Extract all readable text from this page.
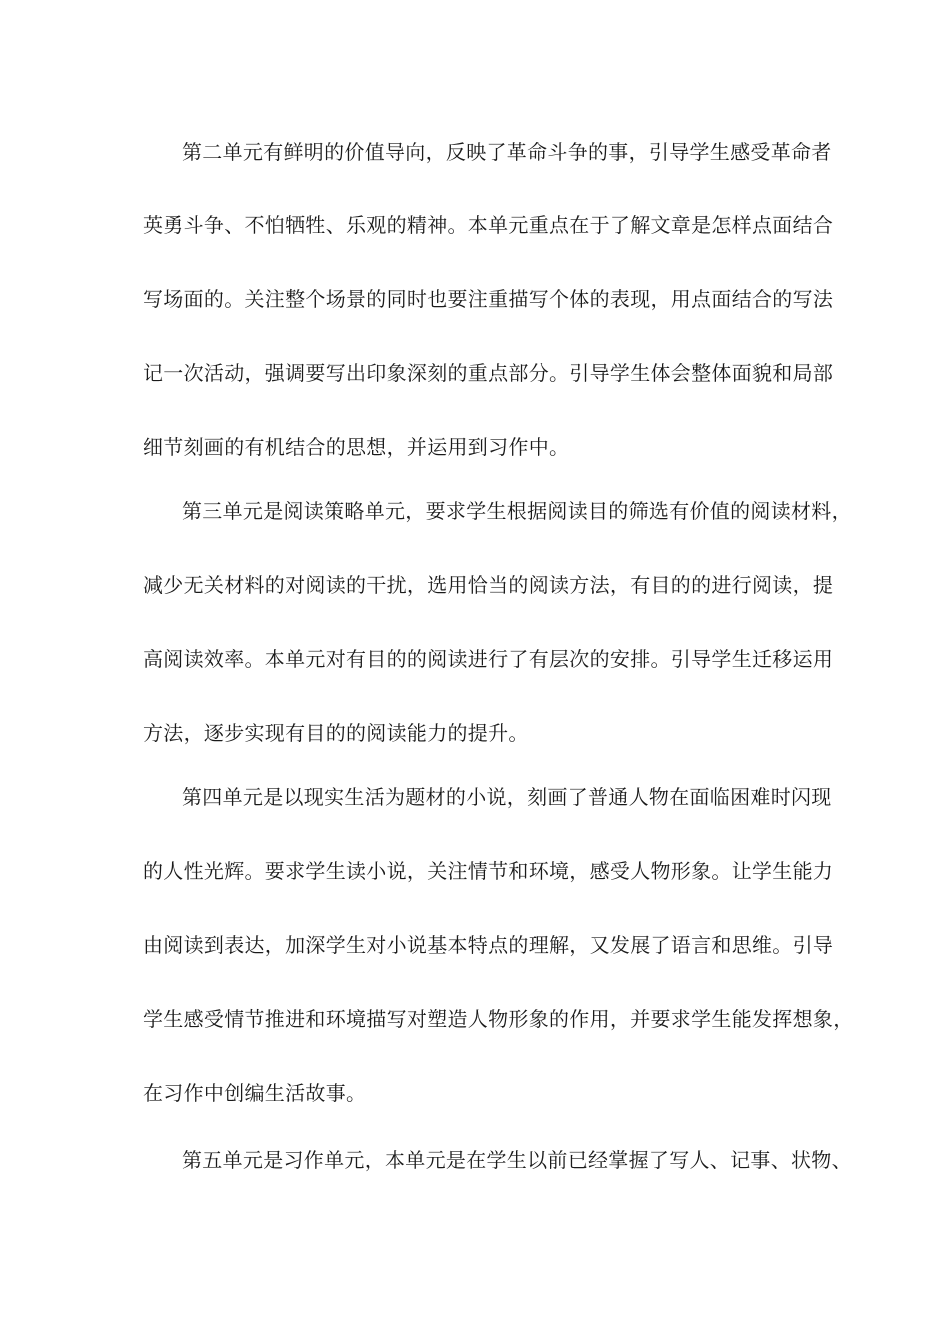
第二单元有鲜明的价值导向，反映了革命斗争的事，引导学生感受革命者
英勇斗争、不怕牺牲、乐观的精神。本单元重点在于了解文章是怎样点面结合
写场面的。关注整个场景的同时也要注重描写个体的表现，用点面结合的写法
记一次活动，强调要写出印象深刻的重点部分。引导学生体会整体面貌和局部
细节刻画的有机结合的思想，并运用到习作中。
第三单元是阅读策略单元，要求学生根据阅读目的筛选有价值的阅读材料，
减少无关材料的对阅读的干扰，选用恰当的阅读方法，有目的的进行阅读，提
高阅读效率。本单元对有目的的阅读进行了有层次的安排。引导学生迁移运用
方法，逐步实现有目的的阅读能力的提升。
第四单元是以现实生活为题材的小说，刻画了普通人物在面临困难时闪现
的人性光辉。要求学生读小说，关注情节和环境，感受人物形象。让学生能力
由阅读到表达，加深学生对小说基本特点的理解，又发展了语言和思维。引导
学生感受情节推进和环境描写对塑造人物形象的作用，并要求学生能发挥想象，
在习作中创编生活故事。
第五单元是习作单元，本单元是在学生以前已经掌握了写人、记事、状物、
